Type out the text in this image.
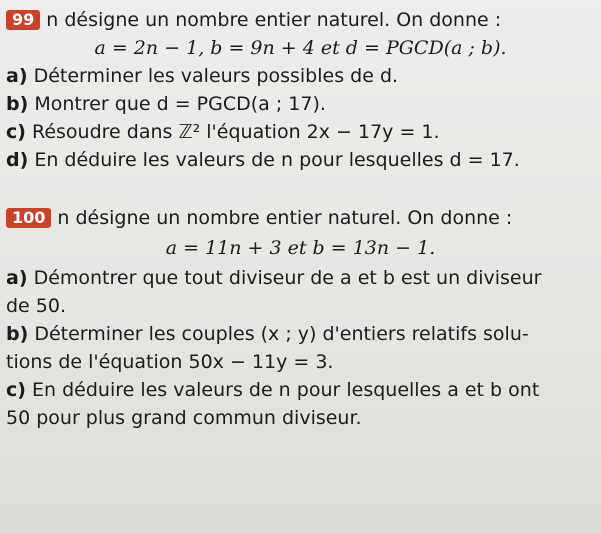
99 n désigne un nombre entier naturel. On donne :
a = 2n − 1, b = 9n + 4 et d = PGCD(a ; b).
a) Déterminer les valeurs possibles de d.
b) Montrer que d = PGCD(a ; 17).
c) Résoudre dans ℤ² l'équation 2x − 17y = 1.
d) En déduire les valeurs de n pour lesquelles d = 17.
100 n désigne un nombre entier naturel. On donne :
a = 11n + 3 et b = 13n − 1.
a) Démontrer que tout diviseur de a et b est un diviseur
de 50.
b) Déterminer les couples (x ; y) d'entiers relatifs solu-
tions de l'équation 50x − 11y = 3.
c) En déduire les valeurs de n pour lesquelles a et b ont
50 pour plus grand commun diviseur.
